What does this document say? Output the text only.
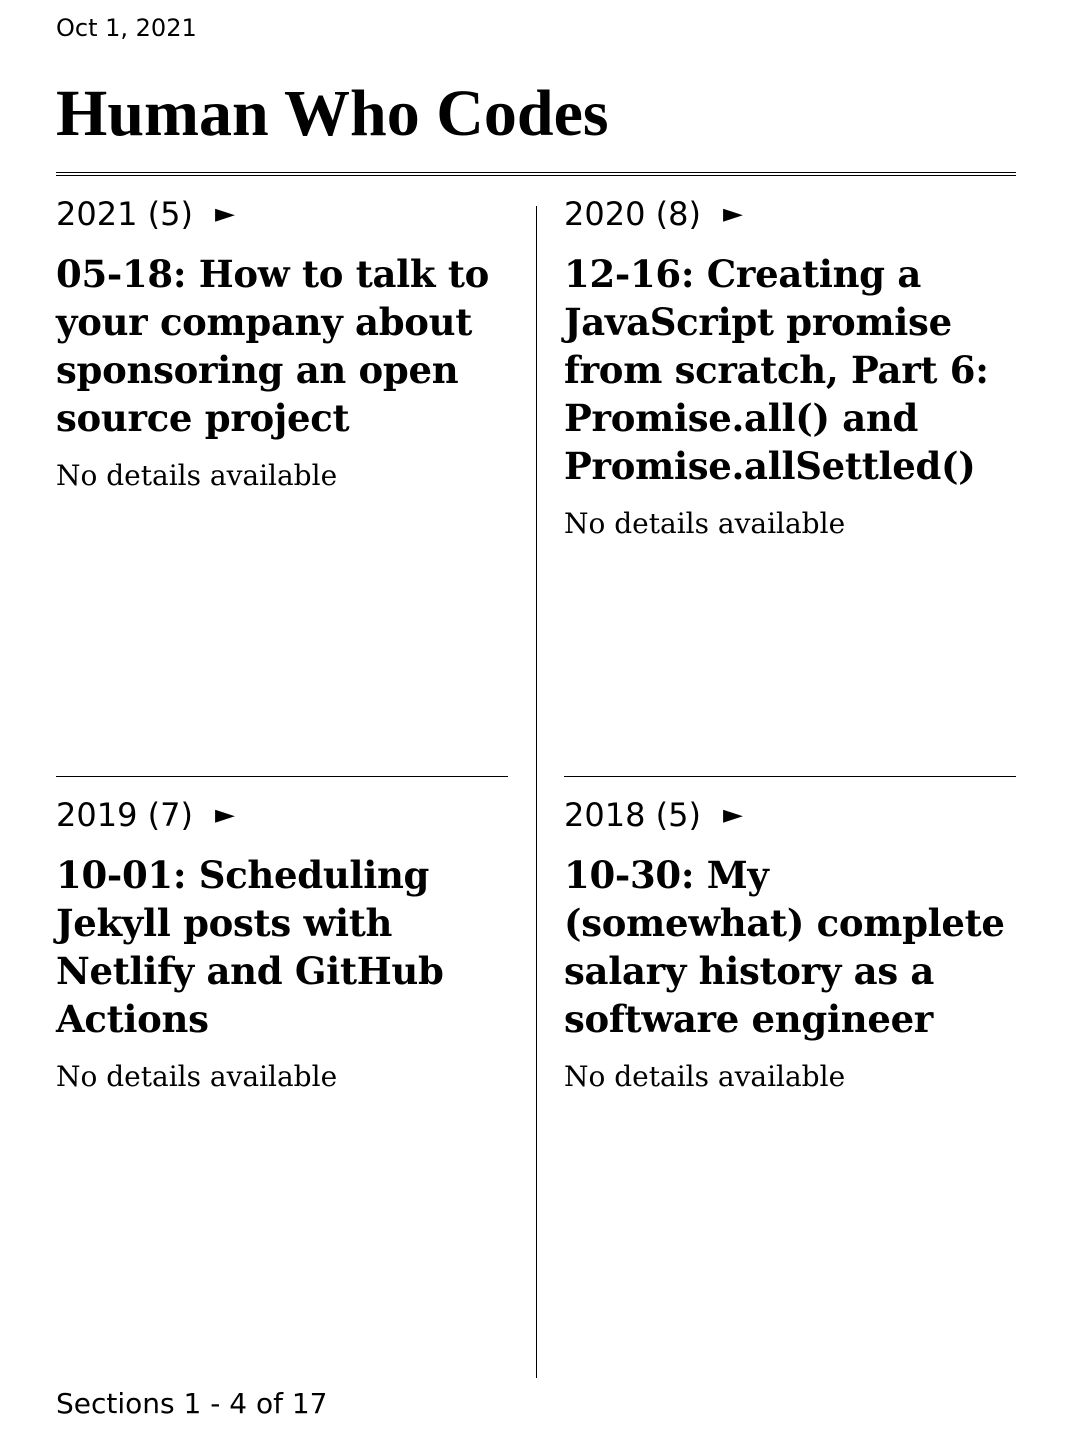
Oct 1, 2021
Human Who Codes
2021 (5) ►
05-18: How to talk to your company about sponsoring an open source project

No details available

2020 (8) ►
12-16: Creating a JavaScript promise from scratch, Part 6: Promise.all() and Promise.allSettled()

No details available

2019 (7) ►
10-01: Scheduling Jekyll posts with Netlify and GitHub Actions

No details available

2018 (5) ►
10-30: My (somewhat) complete salary history as a software engineer

No details available

Sections 1 - 4 of 17
